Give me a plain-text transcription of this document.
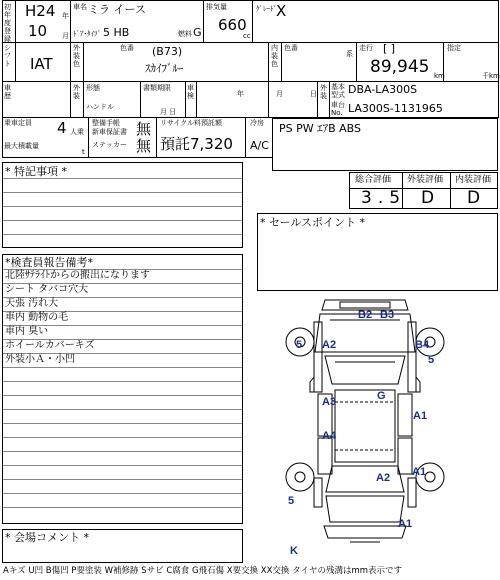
初年度登録
H24 年
10 月
車名 ミラ イース
ﾄﾞｱ･ﾀｲﾌﾟ 5 HB	燃料 G
排気量
660
cc
ｸﾞﾚｰﾄﾞ X
シフト IAT
外装色
色番 (B73)
ｽｶｲﾌﾞﾙｰ
内装色
色番
系
走行 [ ]
89,945 km
指定
千km
車歴
外装
形態
ハンドル
書類期限
月 日
車検	年	月	日
外装
基本型式 DBA-LA300S
車台No. LA300S-1131965
乗車定員 4 人乗
最大積載量
t
整備手帳
新車保証書
ステッカー
無
無
リサイクル料預託額
預託7,320
冷房
A/C
PS PW ｴｱB ABS
* 特記事項 *
総合評価 外装評価 内装評価
3.5 D D
* セールスポイント *
*検査員報告備考*
北陸ｻﾃﾗｲﾄからの搬出になります
シート タバコ穴大
天張 汚れ大
車内 動物の毛
車内 臭い
ホイールカバーキズ
外装小Ａ・小凹
* 会場コメント *
B2 B3
A2	B4
5
5
G
A3
A1
A4
A1
A2
5
A1
K
Aキズ U凹 B傷凹 P要塗装 W補修跡 Sサビ C腐食 G飛石傷 X要交換 XX交換 タイヤの残溝はmm表示です
